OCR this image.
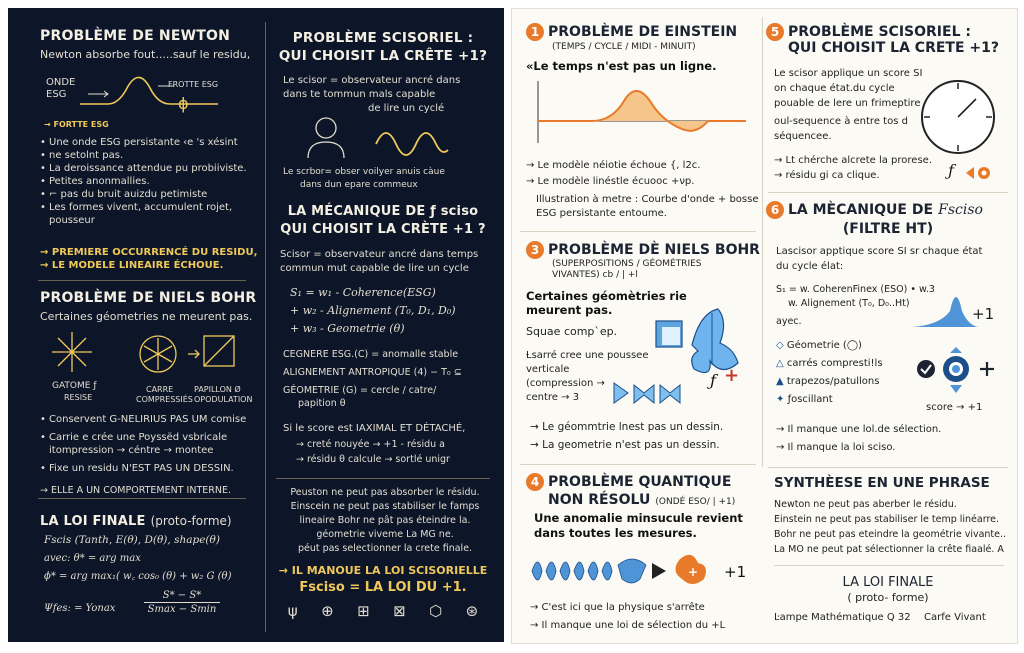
PROBLÈME DE NEWTON
Newton absorbe fout.....sauf le residu,
ONDE
ESG
FROTTE ESG
ϕ
→ FORTTE ESG
• Une onde ESG persistante ‹e 's xésint
• ne setolnt pas.
• La deroissance attendue pu probiiviste.
• Petites anonmallies.
• ⌐ pas du bruit auizdu petimiste
• Les formes vivent, accumulent rojet, pousseur
→ PREMIERE OCCURRENCÉ DU RESIDU,
→ LE MODELE LINEAIRE ÉCHOUE.
PROBLÈME DE NIELS BOHR
Certaines géometries ne meurent pas.
GATOME ƒ
RESISE
CARRE
COMPRESSIÉS
PAPILLON Ø
OPODULATION
• Conservent G-NELIRIUS PAS UM comise
• Carrie e crée une Poyssëd vsbricale itompression → céntre → montee
• Fixe un residu N'EST PAS UN DESSIN.
→ ELLE A UN COMPORTEMENT INTERNE.
LA LOI FINALE (proto-forme)
Fscis (Tanth, E(θ), D(θ), shape(θ)
avec: θ* = arg max
ϕ* = arg max₁( w꜀ cos₀ (θ) + w₂ G (θ)
Ψfes: = Yonax
S* − S*
Smax − Smin
PROBLÈME SCISORIEL :
QUI CHOISIT LA CRÊTE +1?
Le scisor = observateur ancré dans
dans te tommun mals capable
de lire un cyclé
Le scrbor= obser voilyer anuis càue
dans dun epare commeux
LA MÉCANIQUE DE ƒ sciso
QUI CHOISIT LA CRÈTE +1 ?
Scisor = observateur ancré dans temps
commun mut capable de lire un cycle
S₁ = w₁ - Coherence(ESG)
+ w₂ - Alignement (T₀, D₁, D₀)
+ w₃ - Geometrie (θ)
CEGNERE ESG.(C) = anomalle stable
ALIGNEMENT ANTROPIQUE (4) − T₀ ⊆
GÉOMETRIE (G) = cercle / catre/
papition θ
Si le score est IAXIMAL ET DÉTACHÉ,
→ creté nouyée → +1 - résidu a
→ résidu θ calcule → sortlé unigr
Peuston ne peut pas absorber le résidu.
Einscein ne peut pas stabiliser le famps
lineaire Bohr ne pât pas éteindre la.
géometrie viveme La MG ne.
péut pas selectionner la crete finale.
→ IL MANOUE LA LOI SCISORIELLE
Fsciso = LA LOI DU +1.
ψ ⊕ ⊞ ⊠ ⬡ ⊛
1 PROBLÈME DE EINSTEIN
(TEMPS / CYCLE / MIDI - MINUIT)
«Le temps n'est pas un ligne.
→ Le modèle néiotie échoue {, l2c.
→ Le modèle linéstle écuooc +νp.
Illustration à metre : Courbe d'onde + bosse
ESG persistante entoume.
3 PROBLÈME DÈ NIELS BOHR
(SUPERPOSITIONS / GÉOMÉTRIES
VIVANTES) ⅽb / | +l
Certaines géomètries rie
meurent pas.
Squae comp`ep.
Ƚsarré cree une poussee
verticale
(compression →
centre → 3
ƒ +
→ Le géommtrie lnest pas un dessin.
→ La geometrie n'est pas un dessin.
4 PROBLÈME QUANTIQUE
NON RÉSOLU (ONDÉ ESO/ | +1)
Une anomalie minsucule revient
dans toutes les mesures.
+ +1
→ C'est ici que la physique s'arrête
→ Il manque une loi de sélection du +L
5 PROBLÈME SCISORIEL :
QUI CHOISIT LA CRETE +1?
Le scisor applique un score SI
on chaque état.du cycle
pouable de lere un frimeptire
oul-sequence à entre tos d
séquencee.
→ Lt chérche alcrete la prorese.
→ résidu gi ca clique.	ƒ
6 LA MÈCANIQUE DE Fsciso
(FILTRE HT)
Lascisor apptique score SI sr chaque état
du cycle élat:
S₁ = w. CoherenFinex (ESO) • w.3
w. Alignement (T₀, D₀..Ht)
ayec.	+1
◇ Géometrie (◯)
△ carrés compresti!ls
▲ trapezos/patullons
✦ ƒoscillant
score → +1
→ Il manque une lol.de sélection.
→ Il manque la loi sciso.
SYNTHÈESE EN UNE PHRASE
Newton ne peut pas aberber le résidu.
Einstein ne peut pas stabiliser le temp linéarre.
Bohr ne peut pas eteindre la geométrie vivante..
La MO ne peut pat sélectionner la crête fiaalé. A
LA LOI FINALE
( proto- forme)
Ŀampe Mathématique Q 32 Carfe Vivant
